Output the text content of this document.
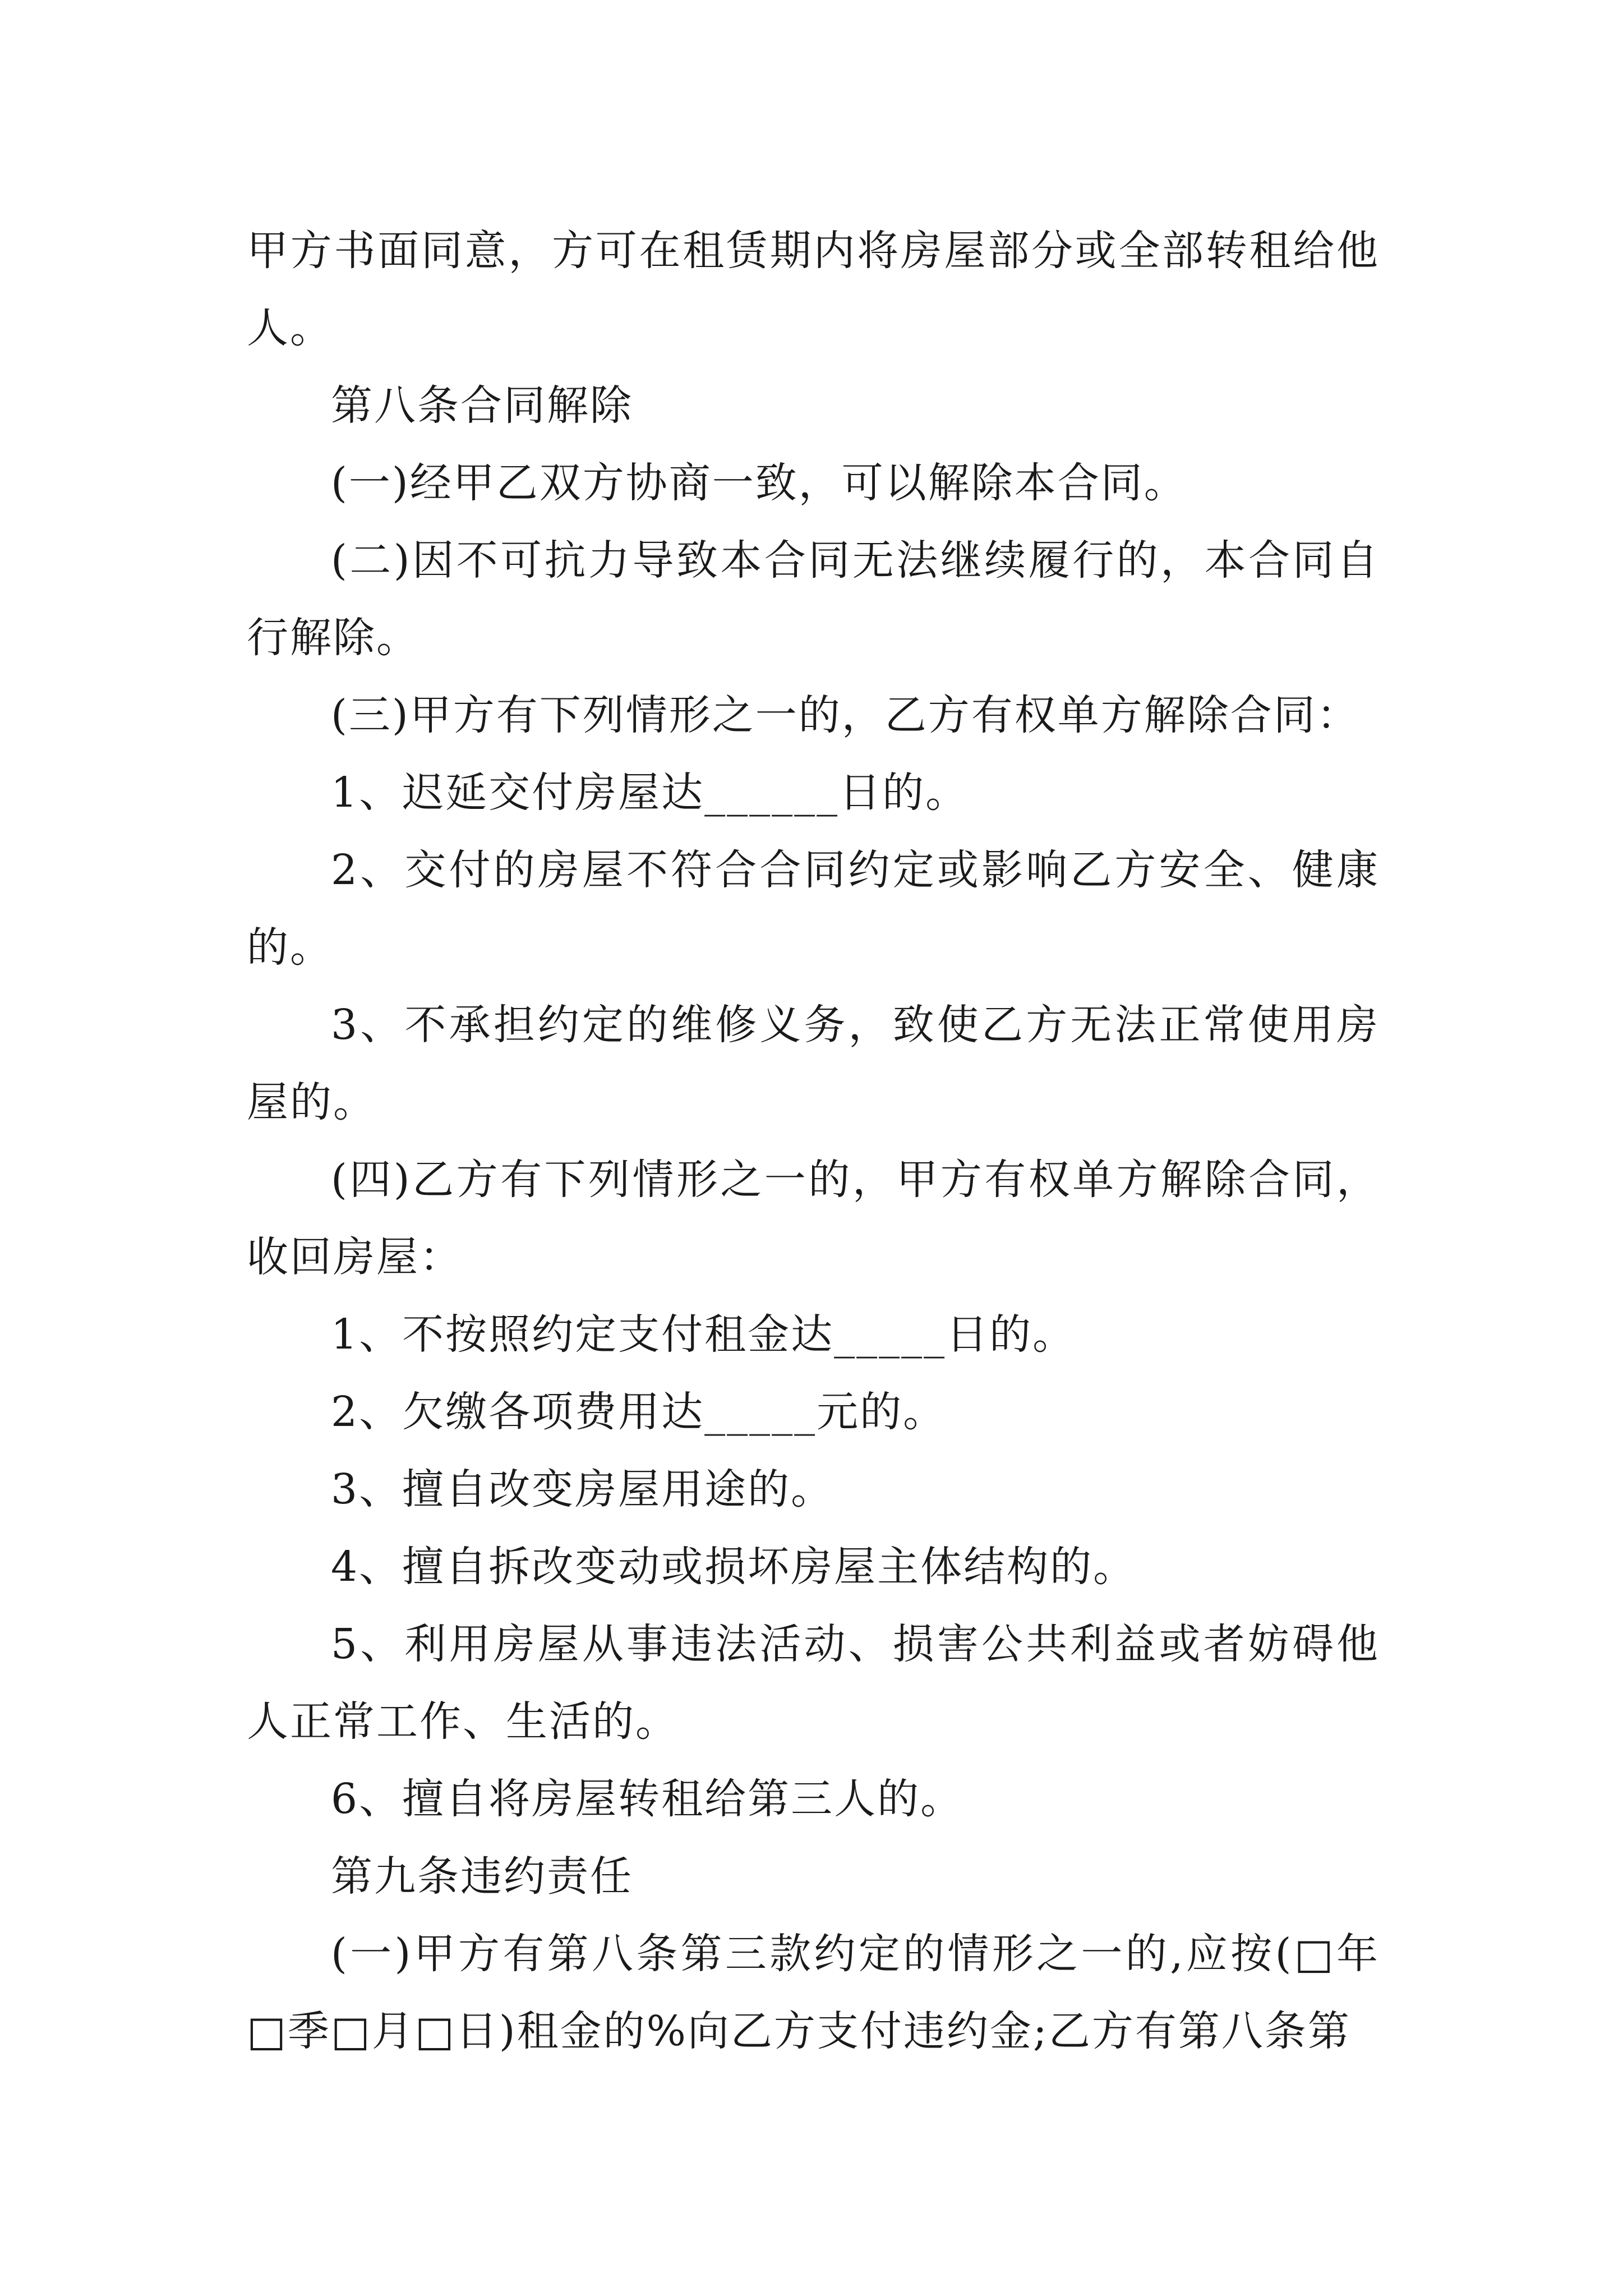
甲方书面同意，方可在租赁期内将房屋部分或全部转租给他人。

第八条合同解除

(一)经甲乙双方协商一致，可以解除本合同。

(二)因不可抗力导致本合同无法继续履行的，本合同自行解除。

(三)甲方有下列情形之一的，乙方有权单方解除合同：

1、迟延交付房屋达______日的。

2、交付的房屋不符合合同约定或影响乙方安全、健康的。

3、不承担约定的维修义务，致使乙方无法正常使用房屋的。

(四)乙方有下列情形之一的，甲方有权单方解除合同，收回房屋：

1、不按照约定支付租金达_____日的。

2、欠缴各项费用达_____元的。

3、擅自改变房屋用途的。

4、擅自拆改变动或损坏房屋主体结构的。

5、利用房屋从事违法活动、损害公共利益或者妨碍他人正常工作、生活的。

6、擅自将房屋转租给第三人的。

第九条违约责任

(一)甲方有第八条第三款约定的情形之一的,应按(□年□季□月□日)租金的%向乙方支付违约金;乙方有第八条第
